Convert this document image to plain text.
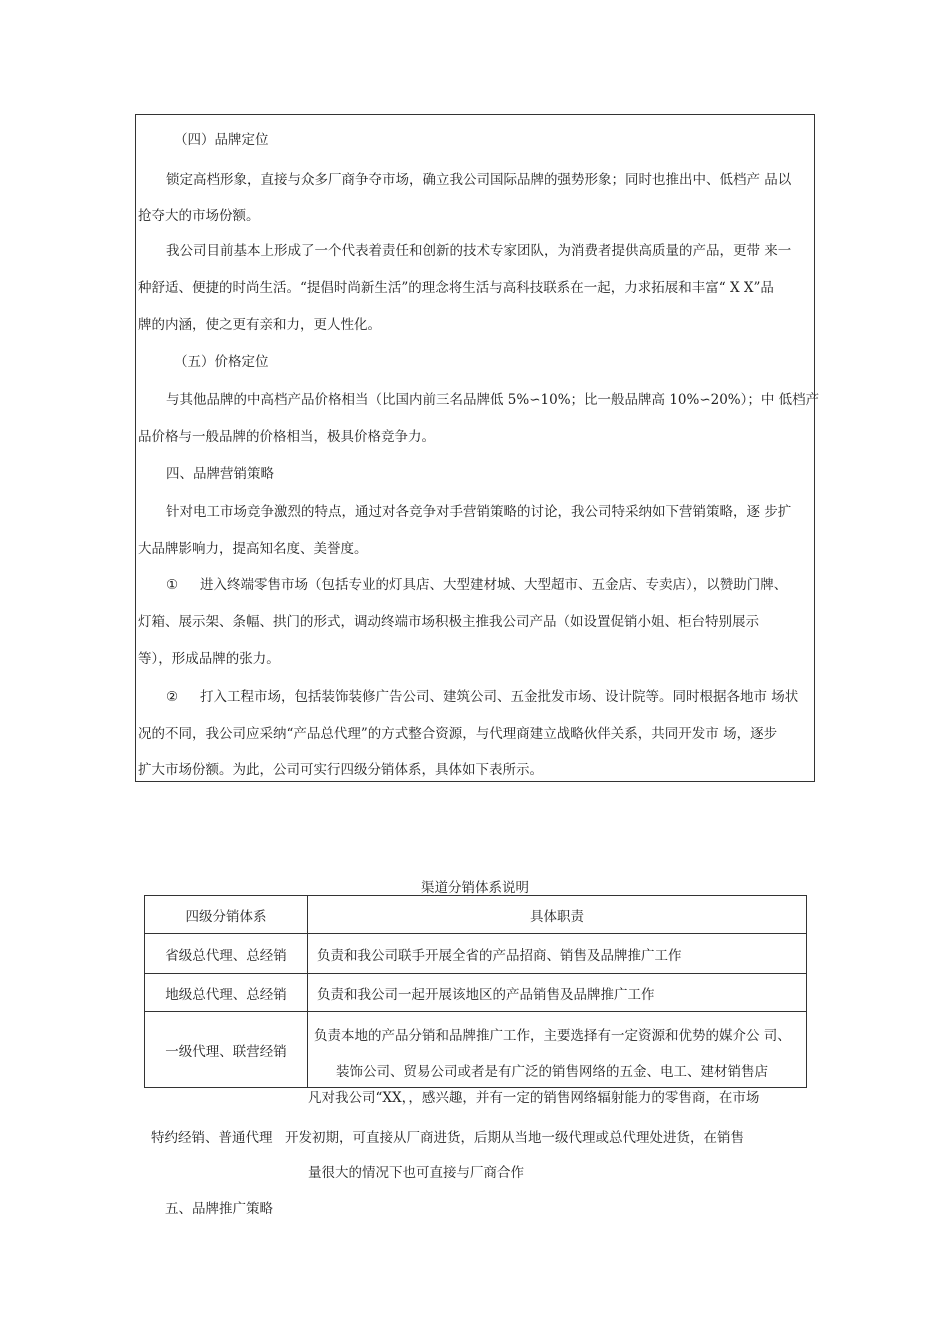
（四）品牌定位
锁定高档形象，直接与众多厂商争夺市场，确立我公司国际品牌的强势形象；同时也推出中、低档产 品以
抢夺大的市场份额。
我公司目前基本上形成了一个代表着责任和创新的技术专家团队，为消费者提供高质量的产品，更带 来一
种舒适、便捷的时尚生活。“提倡时尚新生活”的理念将生活与高科技联系在一起，力求拓展和丰富“ X X”品
牌的内涵，使之更有亲和力，更人性化。
（五）价格定位
与其他品牌的中高档产品价格相当（比国内前三名品牌低 5%∽10%；比一般品牌高 10%∽20%）；中 低档产
品价格与一般品牌的价格相当，极具价格竞争力。
四、品牌营销策略
针对电工市场竞争激烈的特点，通过对各竞争对手营销策略的讨论，我公司特采纳如下营销策略，逐 步扩
大品牌影响力，提高知名度、美誉度。
① 进入终端零售市场（包括专业的灯具店、大型建材城、大型超市、五金店、专卖店），以赞助门牌、
灯箱、展示架、条幅、拱门的形式，调动终端市场积极主推我公司产品（如设置促销小姐、柜台特别展示
等），形成品牌的张力。
② 打入工程市场，包括装饰装修广告公司、建筑公司、五金批发市场、设计院等。同时根据各地市 场状
况的不同，我公司应采纳“产品总代理”的方式整合资源，与代理商建立战略伙伴关系，共同开发市 场，逐步
扩大市场份额。为此，公司可实行四级分销体系，具体如下表所示。
渠道分销体系说明
四级分销体系	具体职责
省级总代理、总经销	负责和我公司联手开展全省的产品招商、销售及品牌推广工作
地级总代理、总经销	负责和我公司一起开展该地区的产品销售及品牌推广工作
一级代理、联营经销	负责本地的产品分销和品牌推广工作，主要选择有一定资源和优势的媒介公 司、
装饰公司、贸易公司或者是有广泛的销售网络的五金、电工、建材销售店
凡对我公司“XX，，感兴趣，并有一定的销售网络辐射能力的零售商，在市场
特约经销、普通代理 开发初期，可直接从厂商进货，后期从当地一级代理或总代理处进货，在销售
量很大的情况下也可直接与厂商合作
五、品牌推广策略
